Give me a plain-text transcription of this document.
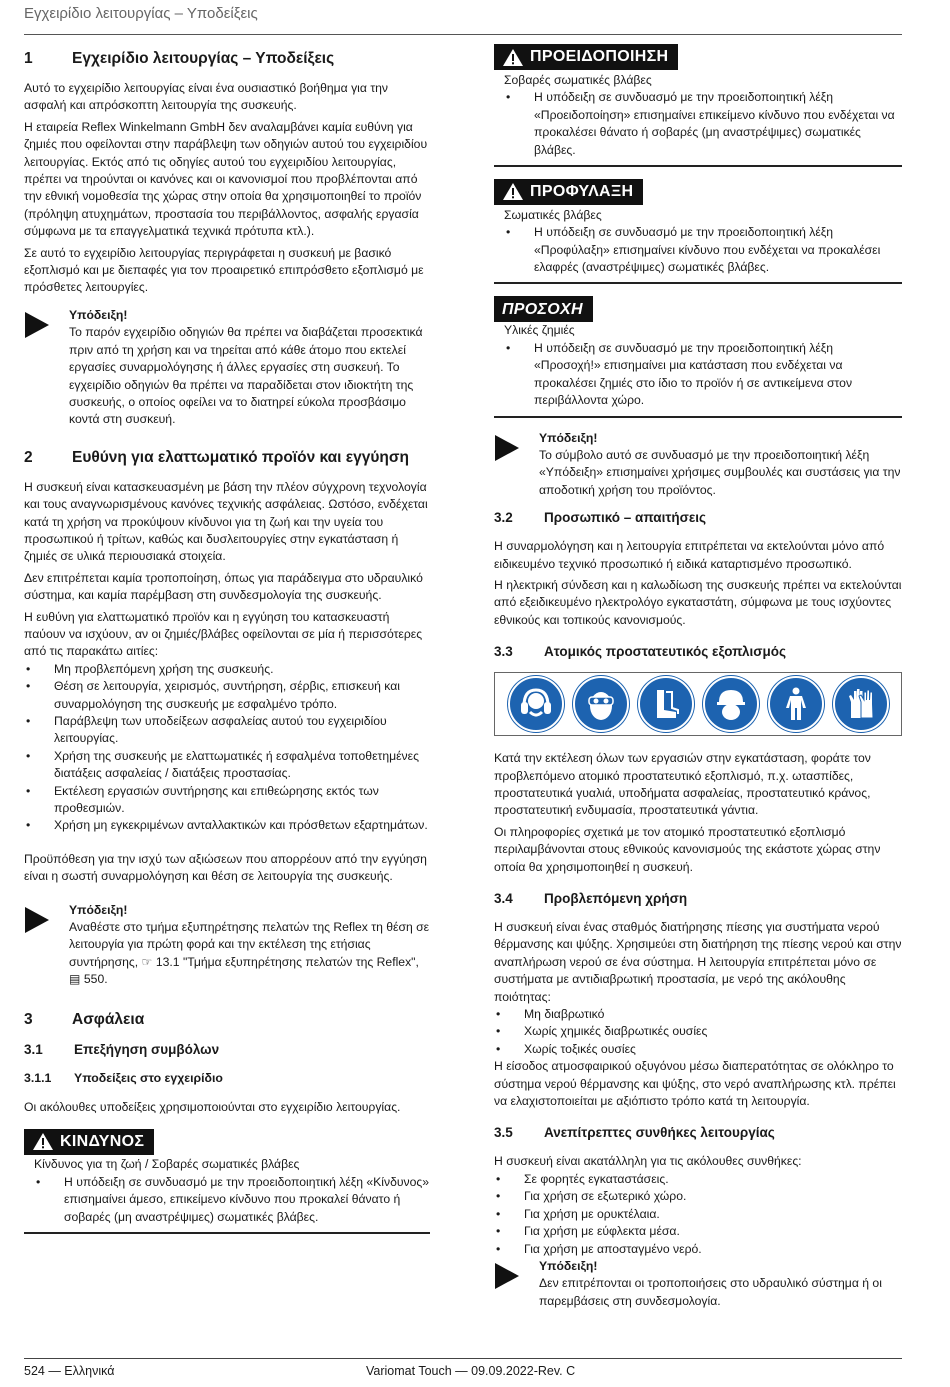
Εγχειρίδιο λειτουργίας – Υποδείξεις
1	Εγχειρίδιο λειτουργίας – Υποδείξεις

Αυτό το εγχειρίδιο λειτουργίας είναι ένα ουσιαστικό βοήθημα για την ασφαλή και απρόσκοπτη λειτουργία της συσκευής.

Η εταιρεία Reflex Winkelmann GmbH δεν αναλαμβάνει καμία ευθύνη για ζημιές που οφείλονται στην παράβλεψη των οδηγιών αυτού του εγχειριδίου λειτουργίας. Εκτός από τις οδηγίες αυτού του εγχειριδίου λειτουργίας, πρέπει να τηρούνται οι κανόνες και οι κανονισμοί που προβλέπονται από την εθνική νομοθεσία της χώρας στην οποία θα χρησιμοποιηθεί το προϊόν (πρόληψη ατυχημάτων, προστασία του περιβάλλοντος, ασφαλής εργασία σύμφωνα με τα επαγγελματικά τεχνικά πρότυπα κτλ.).

Σε αυτό το εγχειρίδιο λειτουργίας περιγράφεται η συσκευή με βασικό εξοπλισμό και με διεπαφές για τον προαιρετικό επιπρόσθετο εξοπλισμό με πρόσθετες λειτουργίες.

Υπόδειξη!
Το παρόν εγχειρίδιο οδηγιών θα πρέπει να διαβάζεται προσεκτικά πριν από τη χρήση και να τηρείται από κάθε άτομο που εκτελεί εργασίες συναρμολόγησης ή άλλες εργασίες στη συσκευή. Το εγχειρίδιο οδηγιών θα πρέπει να παραδίδεται στον ιδιοκτήτη της συσκευής, ο οποίος οφείλει να το διατηρεί εύκολα προσβάσιμο κοντά στη συσκευή.
2	Ευθύνη για ελαττωματικό προϊόν και εγγύηση

Η συσκευή είναι κατασκευασμένη με βάση την πλέον σύγχρονη τεχνολογία και τους αναγνωρισμένους κανόνες τεχνικής ασφάλειας. Ωστόσο, ενδέχεται κατά τη χρήση να προκύψουν κίνδυνοι για τη ζωή και την υγεία του προσωπικού ή τρίτων, καθώς και δυσλειτουργίες στην εγκατάσταση ή ζημιές σε υλικά περιουσιακά στοιχεία.

Δεν επιτρέπεται καμία τροποποίηση, όπως για παράδειγμα στο υδραυλικό σύστημα, και καμία παρέμβαση στη συνδεσμολογία της συσκευής.

Η ευθύνη για ελαττωματικό προϊόν και η εγγύηση του κατασκευαστή παύουν να ισχύουν, αν οι ζημιές/βλάβες οφείλονται σε μία ή περισσότερες από τις παρακάτω αιτίες:

• Μη προβλεπόμενη χρήση της συσκευής.
• Θέση σε λειτουργία, χειρισμός, συντήρηση, σέρβις, επισκευή και συναρμολόγηση της συσκευής με εσφαλμένο τρόπο.
• Παράβλεψη των υποδείξεων ασφαλείας αυτού του εγχειριδίου λειτουργίας.
• Χρήση της συσκευής με ελαττωματικές ή εσφαλμένα τοποθετημένες διατάξεις ασφαλείας / διατάξεις προστασίας.
• Εκτέλεση εργασιών συντήρησης και επιθεώρησης εκτός των προθεσμιών.
• Χρήση μη εγκεκριμένων ανταλλακτικών και πρόσθετων εξαρτημάτων.

Προϋπόθεση για την ισχύ των αξιώσεων που απορρέουν από την εγγύηση είναι η σωστή συναρμολόγηση και θέση σε λειτουργία της συσκευής.

Υπόδειξη!
Αναθέστε στο τμήμα εξυπηρέτησης πελατών της Reflex τη θέση σε λειτουργία για πρώτη φορά και την εκτέλεση της ετήσιας συντήρησης, ☞ 13.1 "Τμήμα εξυπηρέτησης πελατών της Reflex", ▤ 550.
3	Ασφάλεια
3.1	Επεξήγηση συμβόλων
3.1.1	Υποδείξεις στο εγχειρίδιο

Οι ακόλουθες υποδείξεις χρησιμοποιούνται στο εγχειρίδιο λειτουργίας.

ΚΙΝΔΥΝΟΣ
Κίνδυνος για τη ζωή / Σοβαρές σωματικές βλάβες
• Η υπόδειξη σε συνδυασμό με την προειδοποιητική λέξη «Κίνδυνος» επισημαίνει άμεσο, επικείμενο κίνδυνο που προκαλεί θάνατο ή σοβαρές (μη αναστρέψιμες) σωματικές βλάβες.
ΠΡΟΕΙΔΟΠΟΙΗΣΗ
Σοβαρές σωματικές βλάβες
• Η υπόδειξη σε συνδυασμό με την προειδοποιητική λέξη «Προειδοποίηση» επισημαίνει επικείμενο κίνδυνο που ενδέχεται να προκαλέσει θάνατο ή σοβαρές (μη αναστρέψιμες) σωματικές βλάβες.
ΠΡΟΦΥΛΑΞΗ
Σωματικές βλάβες
• Η υπόδειξη σε συνδυασμό με την προειδοποιητική λέξη «Προφύλαξη» επισημαίνει κίνδυνο που ενδέχεται να προκαλέσει ελαφρές (αναστρέψιμες) σωματικές βλάβες.
ΠΡΟΣΟΧΗ
Υλικές ζημιές
• Η υπόδειξη σε συνδυασμό με την προειδοποιητική λέξη «Προσοχή!» επισημαίνει μια κατάσταση που ενδέχεται να προκαλέσει ζημιές στο ίδιο το προϊόν ή σε αντικείμενα στον περιβάλλοντα χώρο.
Υπόδειξη!
Το σύμβολο αυτό σε συνδυασμό με την προειδοποιητική λέξη «Υπόδειξη» επισημαίνει χρήσιμες συμβουλές και συστάσεις για την αποδοτική χρήση του προϊόντος.
3.2	Προσωπικό – απαιτήσεις

Η συναρμολόγηση και η λειτουργία επιτρέπεται να εκτελούνται μόνο από ειδικευμένο τεχνικό προσωπικό ή ειδικά καταρτισμένο προσωπικό.

Η ηλεκτρική σύνδεση και η καλωδίωση της συσκευής πρέπει να εκτελούνται από εξειδικευμένο ηλεκτρολόγο εγκαταστάτη, σύμφωνα με τους ισχύοντες εθνικούς και τοπικούς κανονισμούς.

3.3	Ατομικός προστατευτικός εξοπλισμός

Κατά την εκτέλεση όλων των εργασιών στην εγκατάσταση, φοράτε τον προβλεπόμενο ατομικό προστατευτικό εξοπλισμό, π.χ. ωτασπίδες, προστατευτικά γυαλιά, υποδήματα ασφαλείας, προστατευτικό κράνος, προστατευτική ενδυμασία, προστατευτικά γάντια.

Οι πληροφορίες σχετικά με τον ατομικό προστατευτικό εξοπλισμό περιλαμβάνονται στους εθνικούς κανονισμούς της εκάστοτε χώρας στην οποία θα χρησιμοποιηθεί η συσκευή.

3.4	Προβλεπόμενη χρήση

Η συσκευή είναι ένας σταθμός διατήρησης πίεσης για συστήματα νερού θέρμανσης και ψύξης. Χρησιμεύει στη διατήρηση της πίεσης νερού και στην αναπλήρωση νερού σε ένα σύστημα. Η λειτουργία επιτρέπεται μόνο σε συστήματα με αντιδιαβρωτική προστασία, με νερό της ακόλουθης ποιότητας:

• Μη διαβρωτικό
• Χωρίς χημικές διαβρωτικές ουσίες
• Χωρίς τοξικές ουσίες

Η είσοδος ατμοσφαιρικού οξυγόνου μέσω διαπερατότητας σε ολόκληρο το σύστημα νερού θέρμανσης και ψύξης, στο νερό αναπλήρωσης κτλ. πρέπει να ελαχιστοποιείται με αξιόπιστο τρόπο κατά τη λειτουργία.

3.5	Ανεπίτρεπτες συνθήκες λειτουργίας

Η συσκευή είναι ακατάλληλη για τις ακόλουθες συνθήκες:

• Σε φορητές εγκαταστάσεις.
• Για χρήση σε εξωτερικό χώρο.
• Για χρήση με ορυκτέλαια.
• Για χρήση με εύφλεκτα μέσα.
• Για χρήση με αποσταγμένο νερό.
Υπόδειξη!
Δεν επιτρέπονται οι τροποποιήσεις στο υδραυλικό σύστημα ή οι παρεμβάσεις στη συνδεσμολογία.
524 — Ελληνικά	Variomat Touch — 09.09.2022-Rev. C
